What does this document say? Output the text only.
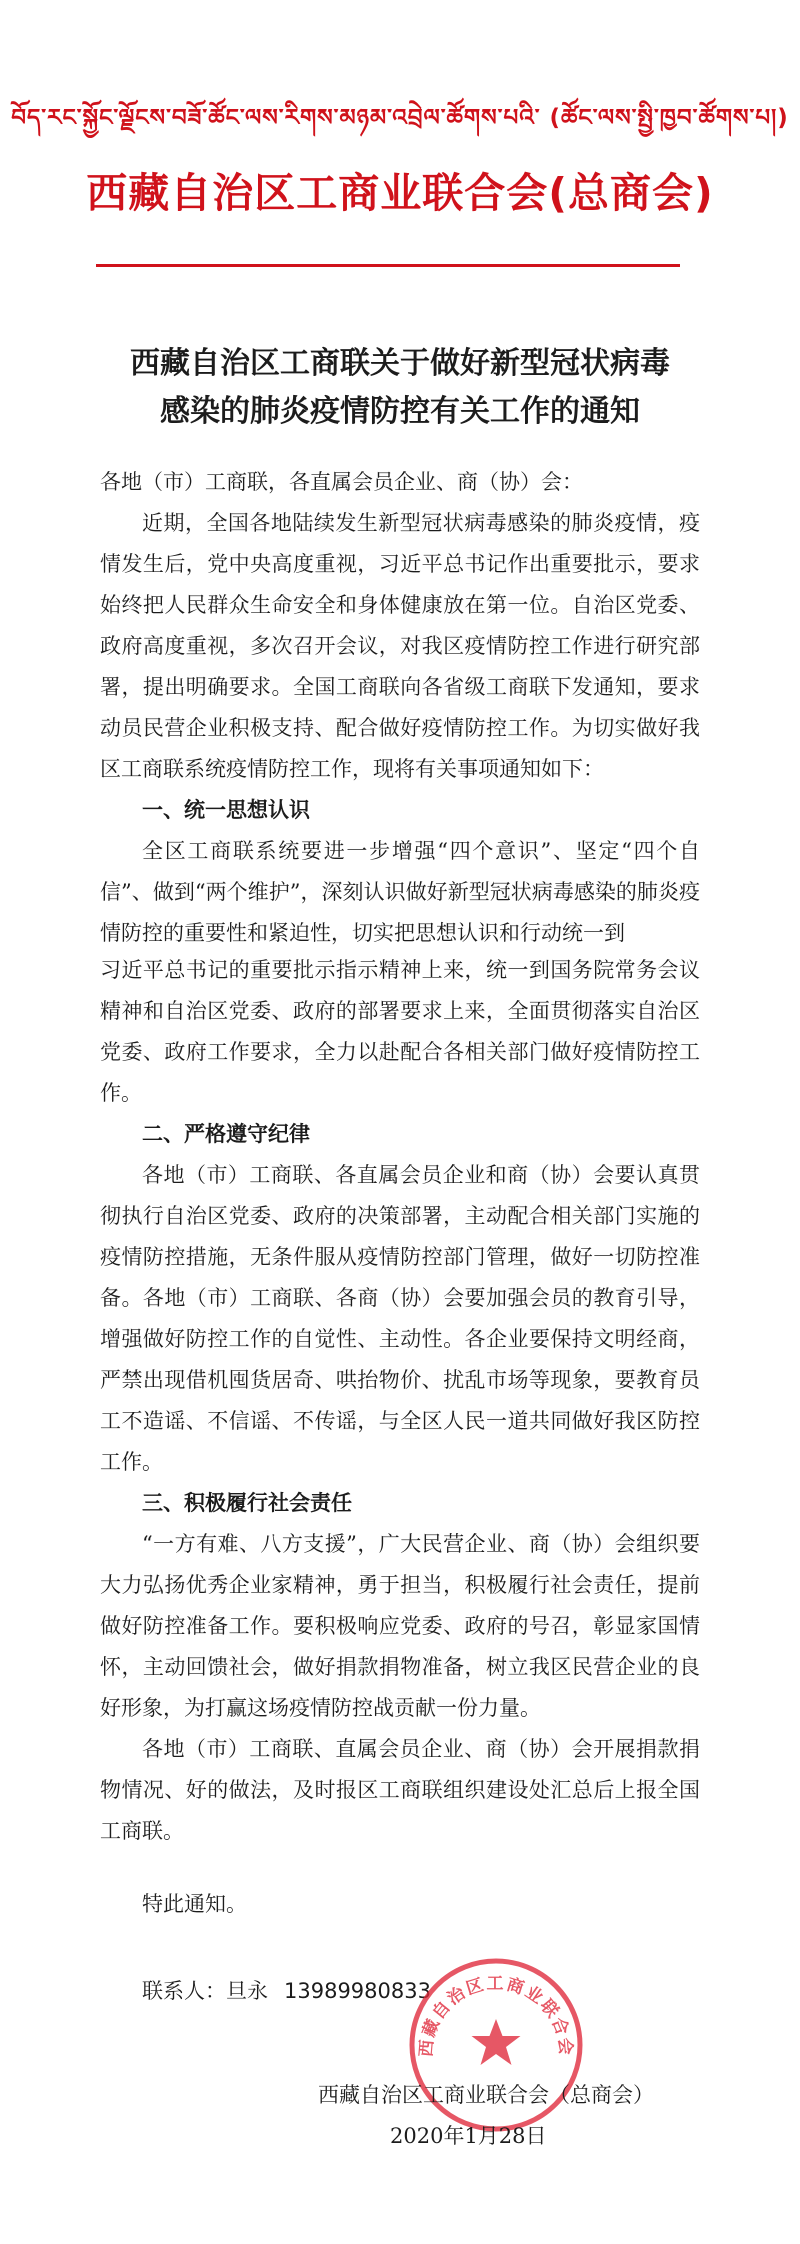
བོད་རང་སྐྱོང་ལྗོངས་བཟོ་ཚོང་ལས་རིགས་མཉམ་འབྲེལ་ཚོགས་པའི་ (ཚོང་ལས་སྤྱི་ཁྱབ་ཚོགས་པ།)
西藏自治区工商业联合会(总商会)
西藏自治区工商联关于做好新型冠状病毒
感染的肺炎疫情防控有关工作的通知

各地（市）工商联，各直属会员企业、商（协）会：

近期，全国各地陆续发生新型冠状病毒感染的肺炎疫情，疫情发生后，党中央高度重视，习近平总书记作出重要批示，要求始终把人民群众生命安全和身体健康放在第一位。自治区党委、政府高度重视，多次召开会议，对我区疫情防控工作进行研究部署，提出明确要求。全国工商联向各省级工商联下发通知，要求动员民营企业积极支持、配合做好疫情防控工作。为切实做好我区工商联系统疫情防控工作，现将有关事项通知如下：

一、统一思想认识

全区工商联系统要进一步增强“四个意识”、坚定“四个自信”、做到“两个维护”，深刻认识做好新型冠状病毒感染的肺炎疫情防控的重要性和紧迫性，切实把思想认识和行动统一到

习近平总书记的重要批示指示精神上来，统一到国务院常务会议精神和自治区党委、政府的部署要求上来，全面贯彻落实自治区党委、政府工作要求，全力以赴配合各相关部门做好疫情防控工作。

二、严格遵守纪律

各地（市）工商联、各直属会员企业和商（协）会要认真贯彻执行自治区党委、政府的决策部署，主动配合相关部门实施的疫情防控措施，无条件服从疫情防控部门管理，做好一切防控准备。各地（市）工商联、各商（协）会要加强会员的教育引导，增强做好防控工作的自觉性、主动性。各企业要保持文明经商，严禁出现借机囤货居奇、哄抬物价、扰乱市场等现象，要教育员工不造谣、不信谣、不传谣，与全区人民一道共同做好我区防控工作。

三、积极履行社会责任

“一方有难、八方支援”，广大民营企业、商（协）会组织要大力弘扬优秀企业家精神，勇于担当，积极履行社会责任，提前做好防控准备工作。要积极响应党委、政府的号召，彰显家国情怀，主动回馈社会，做好捐款捐物准备，树立我区民营企业的良好形象，为打赢这场疫情防控战贡献一份力量。

各地（市）工商联、直属会员企业、商（协）会开展捐款捐物情况、好的做法，及时报区工商联组织建设处汇总后上报全国工商联。

特此通知。
联系人：旦永 13989980833
西藏自治区工商业联合会
西藏自治区工商业联合会（总商会）
2020年1月28日
